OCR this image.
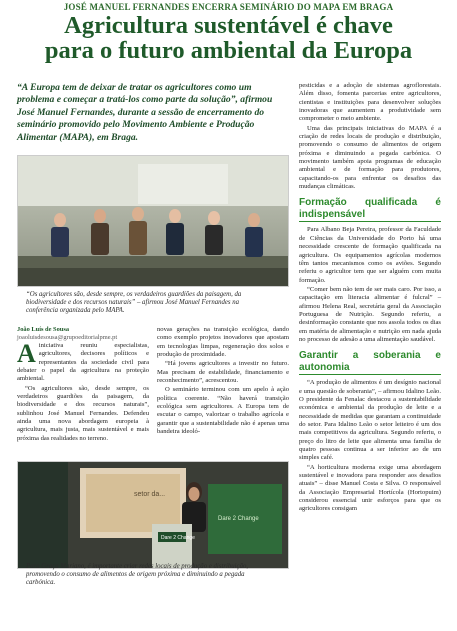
JOSÉ MANUEL FERNANDES ENCERRA SEMINÁRIO DO MAPA EM BRAGA
Agricultura sustentável é chave
para o futuro ambiental da Europa
“A Europa tem de deixar de tratar os agricultores como um problema e começar a tratá-los como parte da solução”, afirmou José Manuel Fernandes, durante a sessão de encerramento do seminário promovido pelo Movimento Ambiente e Produção Alimentar (MAPA), em Braga.
“Os agricultores são, desde sempre, os verdadeiros guardiões da paisagem, da biodiversidade e dos recursos naturais” – afirmou José Manuel Fernandes na conferência organizada pelo MAPA.
João Luís de Sousa
joaoluisdesousa@grupoeditorialpme.pt

Ainiciativa reuniu especialistas, agricultores, decisores políticos e representantes da sociedade civil para debater o papel da agricultura na proteção ambiental.

“Os agricultores são, desde sempre, os verdadeiros guardiões da paisagem, da biodiversidade e dos recursos naturais”, sublinhou José Manuel Fernandes. Defendeu ainda uma nova abordagem europeia à agricultura, mais justa, mais sustentável e mais próxima das realidades no terreno.

novas gerações na transição ecológica, dando como exemplo projetos inovadores que apostam em tecnologias limpas, regeneração dos solos e produção de proximidade.

“Há jovens agricultores a investir no futuro. Mas precisam de estabilidade, financiamento e reconhecimento”, acrescentou.

O seminário terminou com um apelo à ação política coerente. “Não haverá transição ecológica sem agricultores. A Europa tem de escutar o campo, valorizar o trabalho agrícola e garantir que a sustentabilidade não é apenas uma bandeira ideoló-

setor da...
Dare 2 Change
Dare 2 Change
Para Graça Mariano, é importante criar redes locais de produção e distribuição, promovendo o consumo de alimentos de origem próxima e diminuindo a pegada carbónica.

pesticidas e a adoção de sistemas agroflorestais. Além disso, fomenta parcerias entre agricultores, cientistas e instituições para desenvolver soluções inovadoras que aumentem a produtividade sem comprometer o meio ambiente.

Uma das principais iniciativas do MAPA é a criação de redes locais de produção e distribuição, promovendo o consumo de alimentos de origem próxima e diminuindo a pegada carbónica. O movimento também apoia programas de educação ambiental e de formação para produtores, capacitando-os para enfrentar os desafios das mudanças climáticas.

Formação qualificada é indispensável

Para Albano Beja Pereira, professor da Faculdade de Ciências da Universidade do Porto há uma necessidade crescente de formação qualificada na agricultura. Os equipamentos agrícolas modernos têm tantos mecanismos como os aviões. Segundo referiu o agricultor tem que ser alguém com muita formação.

“Comer bem não tem de ser mais caro. Por isso, a capacitação em literacia alimentar é fulcral” – afirmou Helena Real, secretária geral da Associação Portuguesa de Nutrição. Segundo referiu, a desinformação constante que nos assola todos os dias em matéria de alimentação e nutrição em nada ajuda no processo de adesão a uma alimentação saudável.

Garantir a soberania e autonomia

“A produção de alimentos é um desígnio nacional e uma questão de soberania”, – afirmou Idalino Leão. O presidente da Fenalac destacou a sustentabilidade económica e ambiental da produção de leite e a necessidade de medidas que garantam a continuidade do setor. Para Idalino Leão o setor leiteiro é um dos mais competitivos da agricultura. Segundo referiu, o preço do litro de leite que alimenta uma família de quatro pessoas continua a ser inferior ao de um simples café.

“A horticultura moderna exige uma abordagem sustentável e inovadora para responder aos desafios atuais” – disse Manuel Costa e Silva. O responsável da Associação Empresarial Hortícola (Hortopuim) considerou essencial unir esforços para que os agricultores consigam
